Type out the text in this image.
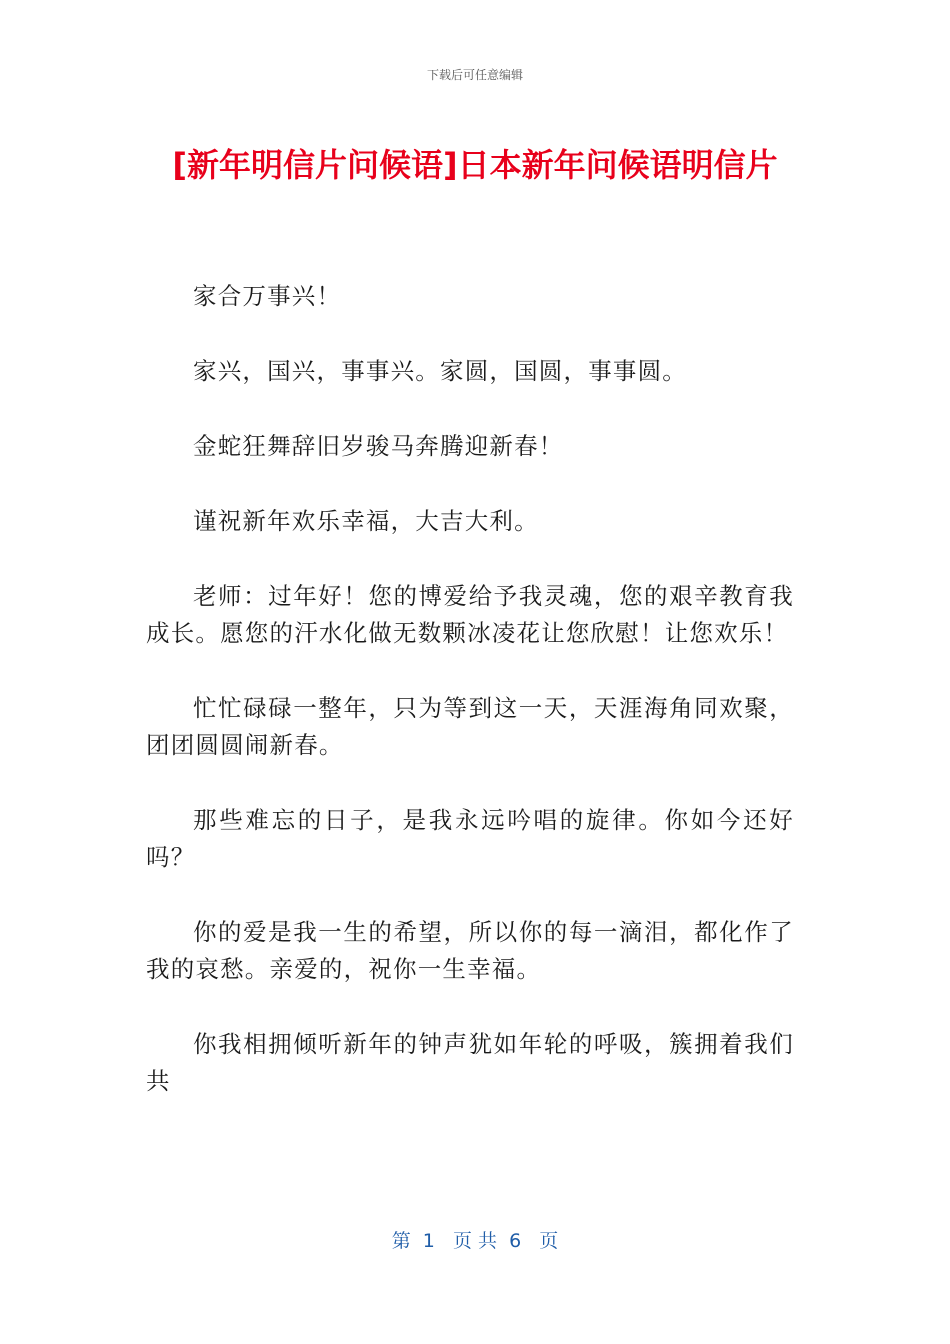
下载后可任意编辑
[新年明信片问候语]日本新年问候语明信片

家合万事兴！

家兴，国兴，事事兴。家圆，国圆，事事圆。

金蛇狂舞辞旧岁骏马奔腾迎新春！

谨祝新年欢乐幸福，大吉大利。

老师：过年好！您的博爱给予我灵魂，您的艰辛教育我成长。愿您的汗水化做无数颗冰凌花让您欣慰！让您欢乐！

忙忙碌碌一整年，只为等到这一天，天涯海角同欢聚，团团圆圆闹新春。

那些难忘的日子，是我永远吟唱的旋律。你如今还好吗？

你的爱是我一生的希望，所以你的每一滴泪，都化作了我的哀愁。亲爱的，祝你一生幸福。

你我相拥倾听新年的钟声犹如年轮的呼吸，簇拥着我们共

第  1   页 共  6   页
